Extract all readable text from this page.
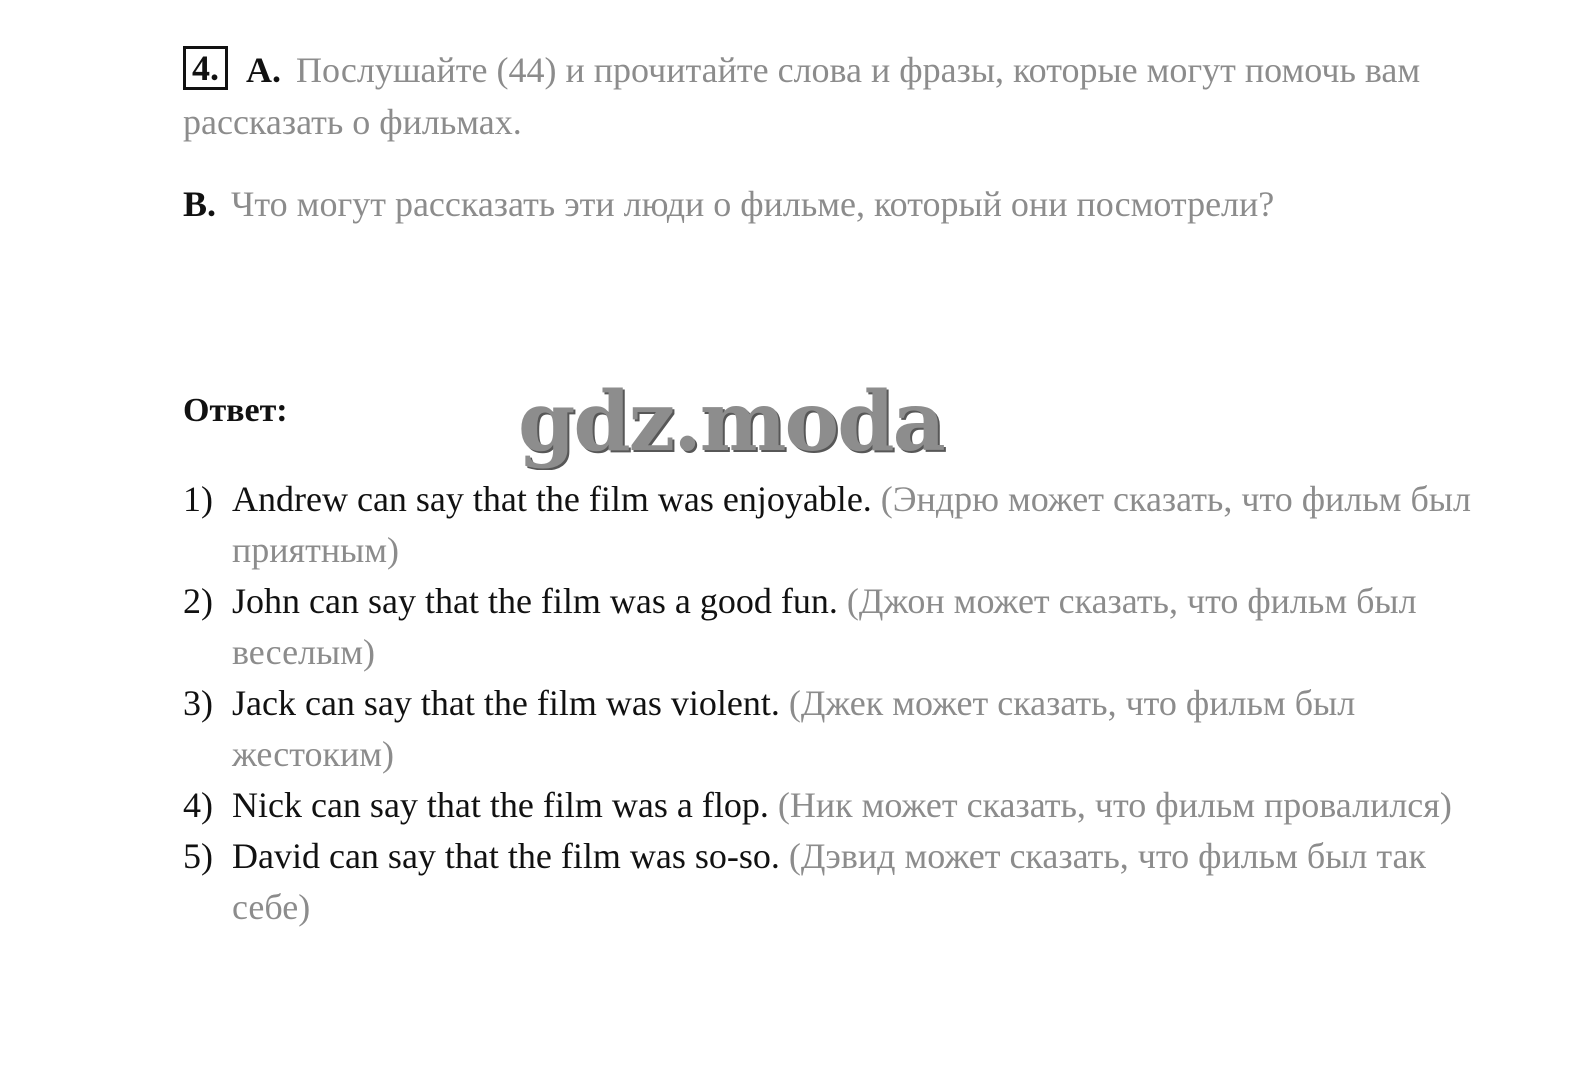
4. A. Послушайте (44) и прочитайте слова и фразы, которые могут помочь вам рассказать о фильмах.
B. Что могут рассказать эти люди о фильме, который они посмотрели?
Ответ:	gdz.moda
1) Andrew can say that the film was enjoyable. (Эндрю может сказать, что фильм был приятным)
2) John can say that the film was a good fun. (Джон может сказать, что фильм был веселым)
3) Jack can say that the film was violent. (Джек может сказать, что фильм был жестоким)
4) Nick can say that the film was a flop. (Ник может сказать, что фильм провалился)
5) David can say that the film was so-so. (Дэвид может сказать, что фильм был так себе)
